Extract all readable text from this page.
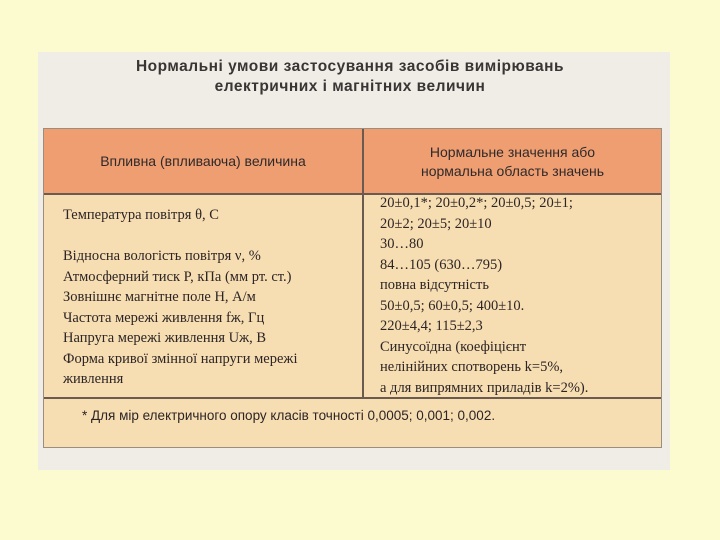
Нормальні умови застосування засобів вимірювань
електричних і магнітних величин
Впливна (впливаюча) величина
Нормальне значення або
нормальна область значень
Температура повітря θ, С

Відносна вологість повітря ν, %
Атмосферний тиск P, кПа (мм рт. ст.)
Зовнішнє магнітне поле H, А/м
Частота мережі живлення fж, Гц
Напруга мережі живлення Uж, В
Форма кривої змінної напруги мережі
живлення
20±0,1*; 20±0,2*; 20±0,5; 20±1;
20±2; 20±5; 20±10
30…80
84…105 (630…795)
повна відсутність
50±0,5; 60±0,5; 400±10.
220±4,4; 115±2,3
Синусоїдна (коефіцієнт
нелінійних спотворень k=5%,
а для випрямних приладів k=2%).
* Для мір електричного опору класів точності 0,0005; 0,001; 0,002.
